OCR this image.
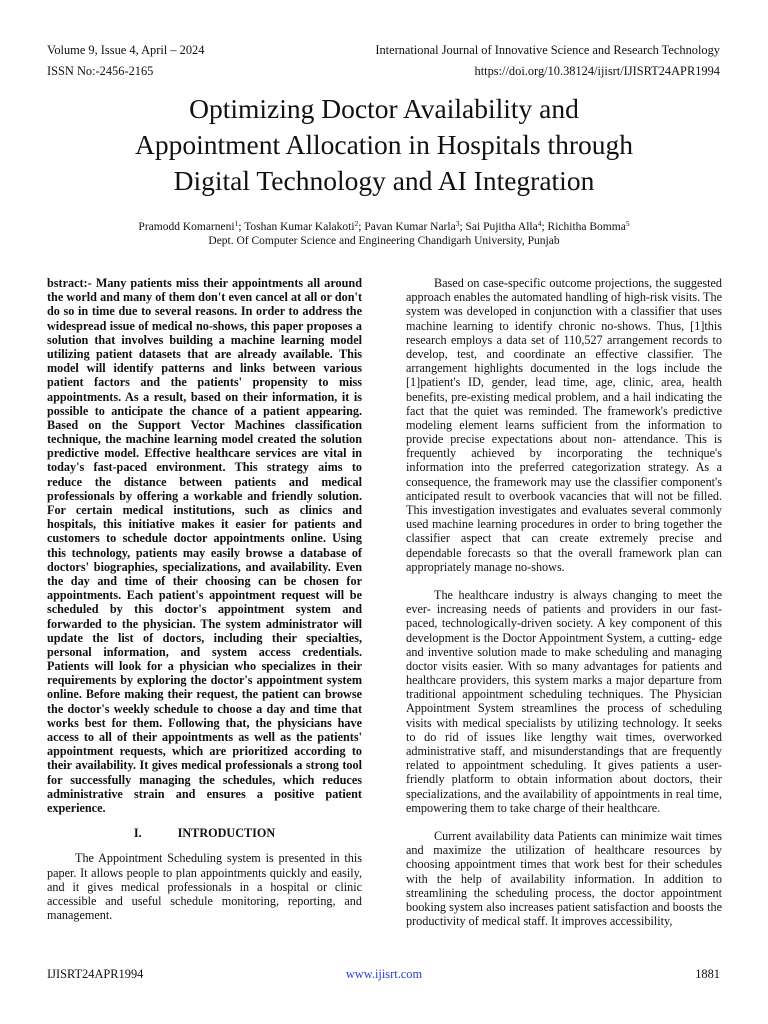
Volume 9, Issue 4, April – 2024
ISSN No:-2456-2165
International Journal of Innovative Science and Research Technology
https://doi.org/10.38124/ijisrt/IJISRT24APR1994
Optimizing Doctor Availability and
Appointment Allocation in Hospitals through
Digital Technology and AI Integration
Pramodd Komarneni$^1$; Toshan Kumar Kalakoti$^2$; Pavan Kumar Narla$^3$; Sai Pujitha Alla$^4$; Richitha Bomma$^5$
Dept. Of Computer Science and Engineering Chandigarh University, Punjab

bstract:- Many patients miss their appointments all around the world and many of them don't even cancel at all or don't do so in time due to several reasons. In order to address the widespread issue of medical no-shows, this paper proposes a solution that involves building a machine learning model utilizing patient datasets that are already available. This model will identify patterns and links between various patient factors and the patients' propensity to miss appointments. As a result, based on their information, it is possible to anticipate the chance of a patient appearing. Based on the Support Vector Machines classification technique, the machine learning model created the solution predictive model. Effective healthcare services are vital in today's fast-paced environment. This strategy aims to reduce the distance between patients and medical professionals by offering a workable and friendly solution. For certain medical institutions, such as clinics and hospitals, this initiative makes it easier for patients and customers to schedule doctor appointments online. Using this technology, patients may easily browse a database of doctors' biographies, specializations, and availability. Even the day and time of their choosing can be chosen for appointments. Each patient's appointment request will be scheduled by this doctor's appointment system and forwarded to the physician. The system administrator will update the list of doctors, including their specialties, personal information, and system access credentials. Patients will look for a physician who specializes in their requirements by exploring the doctor's appointment system online. Before making their request, the patient can browse the doctor's weekly schedule to choose a day and time that works best for them. Following that, the physicians have access to all of their appointments as well as the patients' appointment requests, which are prioritized according to their availability. It gives medical professionals a strong tool for successfully managing the schedules, which reduces administrative strain and ensures a positive patient experience.

I.	INTRODUCTION

The Appointment Scheduling system is presented in this paper. It allows people to plan appointments quickly and easily, and it gives medical professionals in a hospital or clinic accessible and useful schedule monitoring, reporting, and management.

Based on case-specific outcome projections, the suggested approach enables the automated handling of high-risk visits. The system was developed in conjunction with a classifier that uses machine learning to identify chronic no-shows. Thus, [1]this research employs a data set of 110,527 arrangement records to develop, test, and coordinate an effective classifier. The arrangement highlights documented in the logs include the [1]patient's ID, gender, lead time, age, clinic, area, health benefits, pre-existing medical problem, and a hail indicating the fact that the quiet was reminded. The framework's predictive modeling element learns sufficient from the information to provide precise expectations about non- attendance. This is frequently achieved by incorporating the technique's information into the preferred categorization strategy. As a consequence, the framework may use the classifier component's anticipated result to overbook vacancies that will not be filled. This investigation investigates and evaluates several commonly used machine learning procedures in order to bring together the classifier aspect that can create extremely precise and dependable forecasts so that the overall framework plan can appropriately manage no-shows.

The healthcare industry is always changing to meet the ever- increasing needs of patients and providers in our fast-paced, technologically-driven society. A key component of this development is the Doctor Appointment System, a cutting- edge and inventive solution made to make scheduling and managing doctor visits easier. With so many advantages for patients and healthcare providers, this system marks a major departure from traditional appointment scheduling techniques. The Physician Appointment System streamlines the process of scheduling visits with medical specialists by utilizing technology. It seeks to do rid of issues like lengthy wait times, overworked administrative staff, and misunderstandings that are frequently related to appointment scheduling. It gives patients a user-friendly platform to obtain information about doctors, their specializations, and the availability of appointments in real time, empowering them to take charge of their healthcare.

Current availability data Patients can minimize wait times and maximize the utilization of healthcare resources by choosing appointment times that work best for their schedules with the help of availability information. In addition to streamlining the scheduling process, the doctor appointment booking system also increases patient satisfaction and boosts the productivity of medical staff. It improves accessibility,

IJISRT24APR1994	www.ijisrt.com	1881
